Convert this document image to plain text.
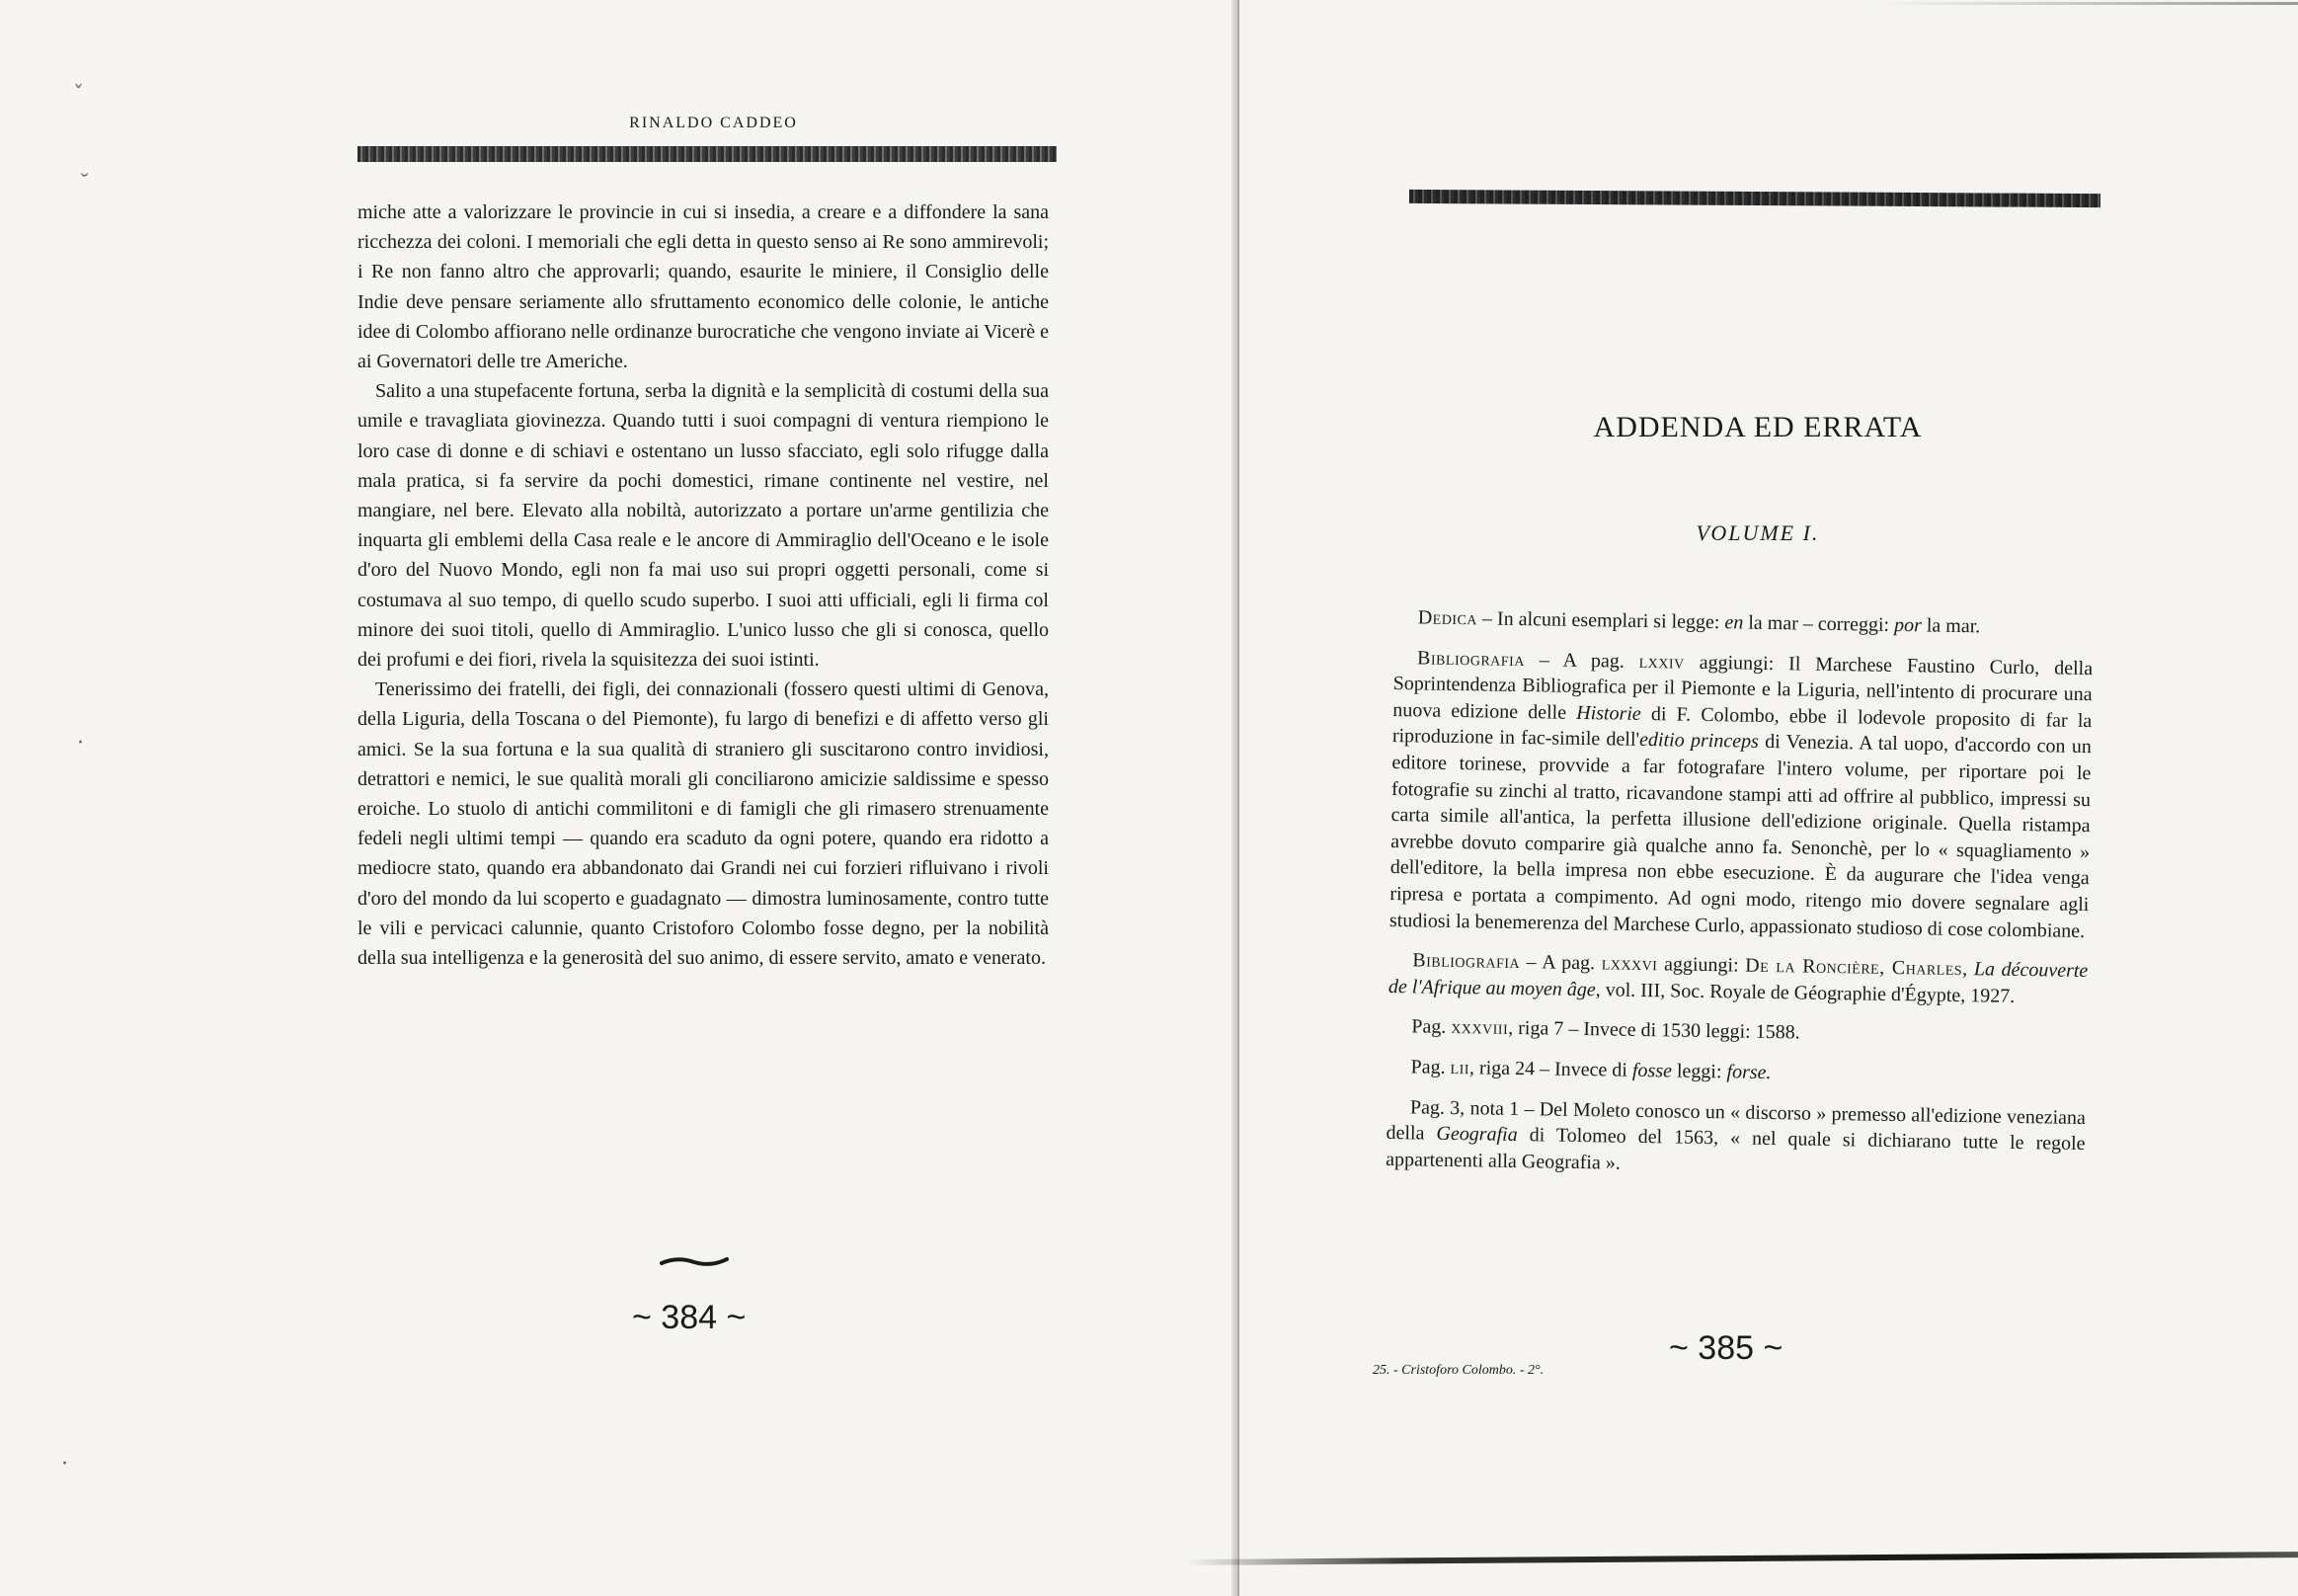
ˇ
˘
·
·
RINALDO CADDEO

miche atte a valorizzare le provincie in cui si insedia, a creare e a diffondere la sana ricchezza dei coloni. I memoriali che egli detta in questo senso ai Re sono ammirevoli; i Re non fanno altro che approvarli; quando, esaurite le miniere, il Consiglio delle Indie deve pensare seriamente allo sfruttamento economico delle colonie, le antiche idee di Colombo affiorano nelle ordinanze burocratiche che vengono inviate ai Vicerè e ai Governatori delle tre Americhe.

Salito a una stupefacente fortuna, serba la dignità e la semplicità di costumi della sua umile e travagliata giovinezza. Quando tutti i suoi compagni di ventura riempiono le loro case di donne e di schiavi e ostentano un lusso sfacciato, egli solo rifugge dalla mala pratica, si fa servire da pochi domestici, rimane continente nel vestire, nel mangiare, nel bere. Elevato alla nobiltà, autorizzato a portare un'arme gentilizia che inquarta gli emblemi della Casa reale e le ancore di Ammiraglio dell'Oceano e le isole d'oro del Nuovo Mondo, egli non fa mai uso sui propri oggetti personali, come si costumava al suo tempo, di quello scudo superbo. I suoi atti ufficiali, egli li firma col minore dei suoi titoli, quello di Ammiraglio. L'unico lusso che gli si conosca, quello dei profumi e dei fiori, rivela la squisitezza dei suoi istinti.

Tenerissimo dei fratelli, dei figli, dei connazionali (fossero questi ultimi di Genova, della Liguria, della Toscana o del Piemonte), fu largo di benefizi e di affetto verso gli amici. Se la sua fortuna e la sua qualità di straniero gli suscitarono contro invidiosi, detrattori e nemici, le sue qualità morali gli conciliarono amicizie saldissime e spesso eroiche. Lo stuolo di antichi commilitoni e di famigli che gli rimasero strenuamente fedeli negli ultimi tempi — quando era scaduto da ogni potere, quando era ridotto a mediocre stato, quando era abbandonato dai Grandi nei cui forzieri rifluivano i rivoli d'oro del mondo da lui scoperto e guadagnato — dimostra luminosamente, contro tutte le vili e pervicaci calunnie, quanto Cristoforo Colombo fosse degno, per la nobilità della sua intelligenza e la generosità del suo animo, di essere servito, amato e venerato.

~ 384 ~
ADDENDA ED ERRATA
VOLUME I.

Dedica – In alcuni esemplari si legge: en la mar – correggi: por la mar.

Bibliografia – A pag. lxxiv aggiungi: Il Marchese Faustino Curlo, della Soprintendenza Bibliografica per il Piemonte e la Liguria, nell'intento di procurare una nuova edizione delle Historie di F. Colombo, ebbe il lodevole proposito di far la riproduzione in fac-simile dell'editio princeps di Venezia. A tal uopo, d'accordo con un editore torinese, provvide a far fotografare l'intero volume, per riportare poi le fotografie su zinchi al tratto, ricavandone stampi atti ad offrire al pubblico, impressi su carta simile all'antica, la perfetta illusione dell'edizione originale. Quella ristampa avrebbe dovuto comparire già qualche anno fa. Senonchè, per lo « squagliamento » dell'editore, la bella impresa non ebbe esecuzione. È da augurare che l'idea venga ripresa e portata a compimento. Ad ogni modo, ritengo mio dovere segnalare agli studiosi la benemerenza del Marchese Curlo, appassionato studioso di cose colombiane.

Bibliografia – A pag. lxxxvi aggiungi: De la Roncière, Charles, La découverte de l'Afrique au moyen âge, vol. III, Soc. Royale de Géographie d'Égypte, 1927.

Pag. xxxviii, riga 7 – Invece di 1530 leggi: 1588.

Pag. lii, riga 24 – Invece di fosse leggi: forse.

Pag. 3, nota 1 – Del Moleto conosco un « discorso » premesso all'edizione veneziana della Geografia di Tolomeo del 1563, « nel quale si dichiarano tutte le regole appartenenti alla Geografia ».

~ 385 ~
25. - Cristoforo Colombo. - 2°.
